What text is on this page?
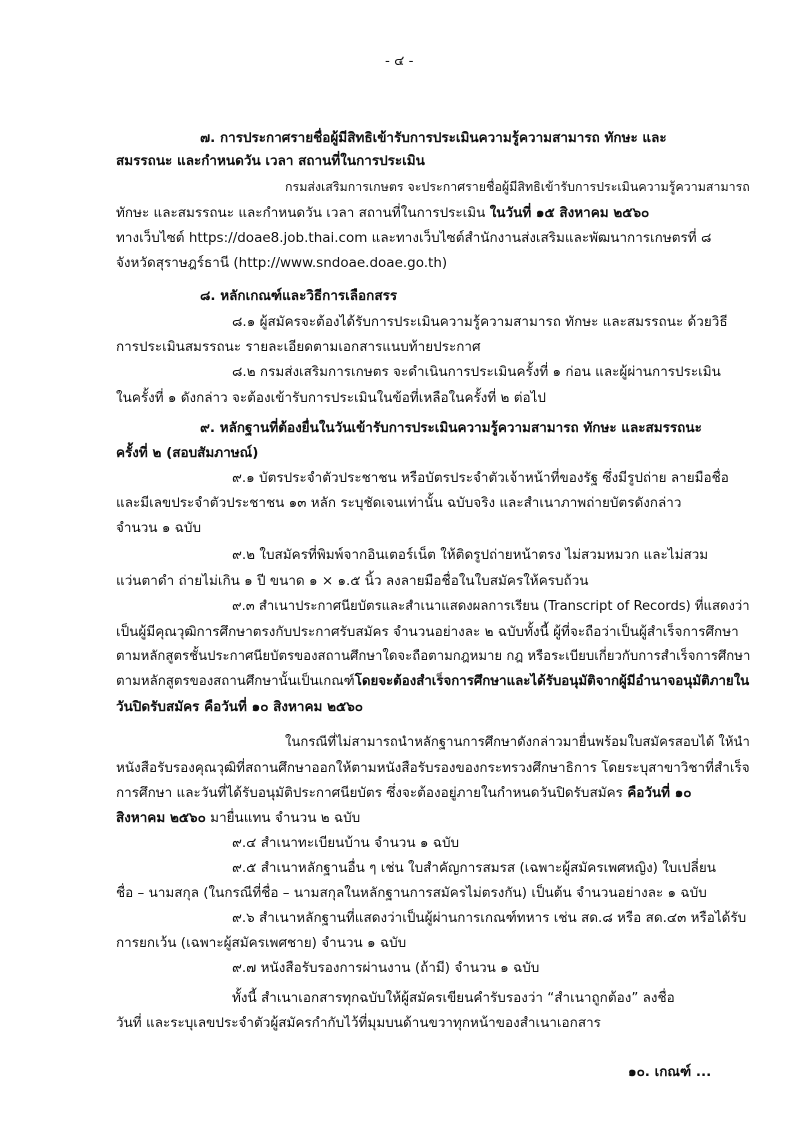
- ๔ -
๗. การประกาศรายชื่อผู้มีสิทธิเข้ารับการประเมินความรู้ความสามารถ ทักษะ และ
สมรรถนะ และกำหนดวัน เวลา สถานที่ในการประเมิน
กรมส่งเสริมการเกษตร จะประกาศรายชื่อผู้มีสิทธิเข้ารับการประเมินความรู้ความสามารถ
ทักษะ และสมรรถนะ และกำหนดวัน เวลา สถานที่ในการประเมิน ในวันที่ ๑๕ สิงหาคม ๒๕๖๐
ทางเว็บไซต์ https://doae8.job.thai.com และทางเว็บไซต์สำนักงานส่งเสริมและพัฒนาการเกษตรที่ ๘
จังหวัดสุราษฎร์ธานี (http://www.sndoae.doae.go.th)
๘. หลักเกณฑ์และวิธีการเลือกสรร
๘.๑ ผู้สมัครจะต้องได้รับการประเมินความรู้ความสามารถ ทักษะ และสมรรถนะ ด้วยวิธี
การประเมินสมรรถนะ รายละเอียดตามเอกสารแนบท้ายประกาศ
๘.๒ กรมส่งเสริมการเกษตร จะดำเนินการประเมินครั้งที่ ๑ ก่อน และผู้ผ่านการประเมิน
ในครั้งที่ ๑ ดังกล่าว จะต้องเข้ารับการประเมินในข้อที่เหลือในครั้งที่ ๒ ต่อไป
๙. หลักฐานที่ต้องยื่นในวันเข้ารับการประเมินความรู้ความสามารถ ทักษะ และสมรรถนะ
ครั้งที่ ๒ (สอบสัมภาษณ์)
๙.๑ บัตรประจำตัวประชาชน หรือบัตรประจำตัวเจ้าหน้าที่ของรัฐ ซึ่งมีรูปถ่าย ลายมือชื่อ
และมีเลขประจำตัวประชาชน ๑๓ หลัก ระบุชัดเจนเท่านั้น ฉบับจริง และสำเนาภาพถ่ายบัตรดังกล่าว
จำนวน ๑ ฉบับ
๙.๒ ใบสมัครที่พิมพ์จากอินเตอร์เน็ต ให้ติดรูปถ่ายหน้าตรง ไม่สวมหมวก และไม่สวม
แว่นตาดำ ถ่ายไม่เกิน ๑ ปี ขนาด ๑ × ๑.๕ นิ้ว ลงลายมือชื่อในใบสมัครให้ครบถ้วน
๙.๓ สำเนาประกาศนียบัตรและสำเนาแสดงผลการเรียน (Transcript of Records) ที่แสดงว่า
เป็นผู้มีคุณวุฒิการศึกษาตรงกับประกาศรับสมัคร จำนวนอย่างละ ๒ ฉบับทั้งนี้ ผู้ที่จะถือว่าเป็นผู้สำเร็จการศึกษา
ตามหลักสูตรชั้นประกาศนียบัตรของสถานศึกษาใดจะถือตามกฎหมาย กฎ หรือระเบียบเกี่ยวกับการสำเร็จการศึกษา
ตามหลักสูตรของสถานศึกษานั้นเป็นเกณฑ์โดยจะต้องสำเร็จการศึกษาและได้รับอนุมัติจากผู้มีอำนาจอนุมัติภายใน
วันปิดรับสมัคร คือวันที่ ๑๐ สิงหาคม ๒๕๖๐
ในกรณีที่ไม่สามารถนำหลักฐานการศึกษาดังกล่าวมายื่นพร้อมใบสมัครสอบได้ ให้นำ
หนังสือรับรองคุณวุฒิที่สถานศึกษาออกให้ตามหนังสือรับรองของกระทรวงศึกษาธิการ โดยระบุสาขาวิชาที่สำเร็จ
การศึกษา และวันที่ได้รับอนุมัติประกาศนียบัตร ซึ่งจะต้องอยู่ภายในกำหนดวันปิดรับสมัคร คือวันที่ ๑๐
สิงหาคม ๒๕๖๐ มายื่นแทน จำนวน ๒ ฉบับ
๙.๔ สำเนาทะเบียนบ้าน จำนวน ๑ ฉบับ
๙.๕ สำเนาหลักฐานอื่น ๆ เช่น ใบสำคัญการสมรส (เฉพาะผู้สมัครเพศหญิง) ใบเปลี่ยน
ชื่อ – นามสกุล (ในกรณีที่ชื่อ – นามสกุลในหลักฐานการสมัครไม่ตรงกัน) เป็นต้น จำนวนอย่างละ ๑ ฉบับ
๙.๖ สำเนาหลักฐานที่แสดงว่าเป็นผู้ผ่านการเกณฑ์ทหาร เช่น สด.๘ หรือ สด.๔๓ หรือได้รับ
การยกเว้น (เฉพาะผู้สมัครเพศชาย) จำนวน ๑ ฉบับ
๙.๗ หนังสือรับรองการผ่านงาน (ถ้ามี) จำนวน ๑ ฉบับ
ทั้งนี้ สำเนาเอกสารทุกฉบับให้ผู้สมัครเขียนคำรับรองว่า “สำเนาถูกต้อง” ลงชื่อ
วันที่ และระบุเลขประจำตัวผู้สมัครกำกับไว้ที่มุมบนด้านขวาทุกหน้าของสำเนาเอกสาร
๑๐. เกณฑ์ ...
